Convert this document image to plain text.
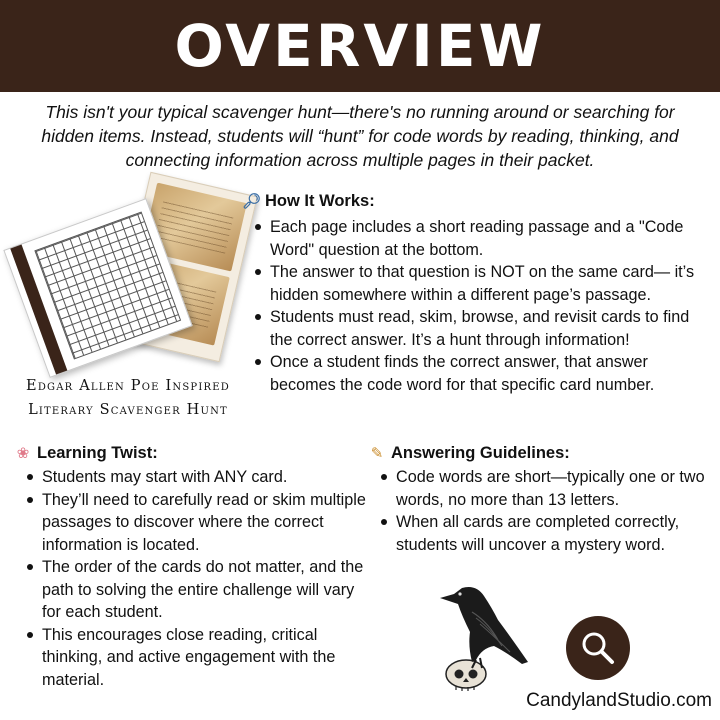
OVERVIEW

This isn't your typical scavenger hunt—there's no running around or searching for hidden items. Instead, students will “hunt” for code words by reading, thinking, and connecting information across multiple pages in their packet.

Edgar Allen Poe Inspired
Literary Scavenger Hunt
🔎︎ How It Works:
Each page includes a short reading passage and a "Code Word" question at the bottom.
The answer to that question is NOT on the same card— it’s hidden somewhere within a different page’s passage.
Students must read, skim, browse, and revisit cards to find the correct answer. It’s a hunt through information!
Once a student finds the correct answer, that answer becomes the code word for that specific card number.
❀ Learning Twist:
Students may start with ANY card.
They’ll need to carefully read or skim multiple passages to discover where the correct information is located.
The order of the cards do not matter, and the path to solving the entire challenge will vary for each student.
This encourages close reading, critical thinking, and active engagement with the material.
✎ Answering Guidelines:
Code words are short—typically one or two words, no more than 13 letters.
When all cards are completed correctly, students will uncover a mystery word.
CandylandStudio.com
